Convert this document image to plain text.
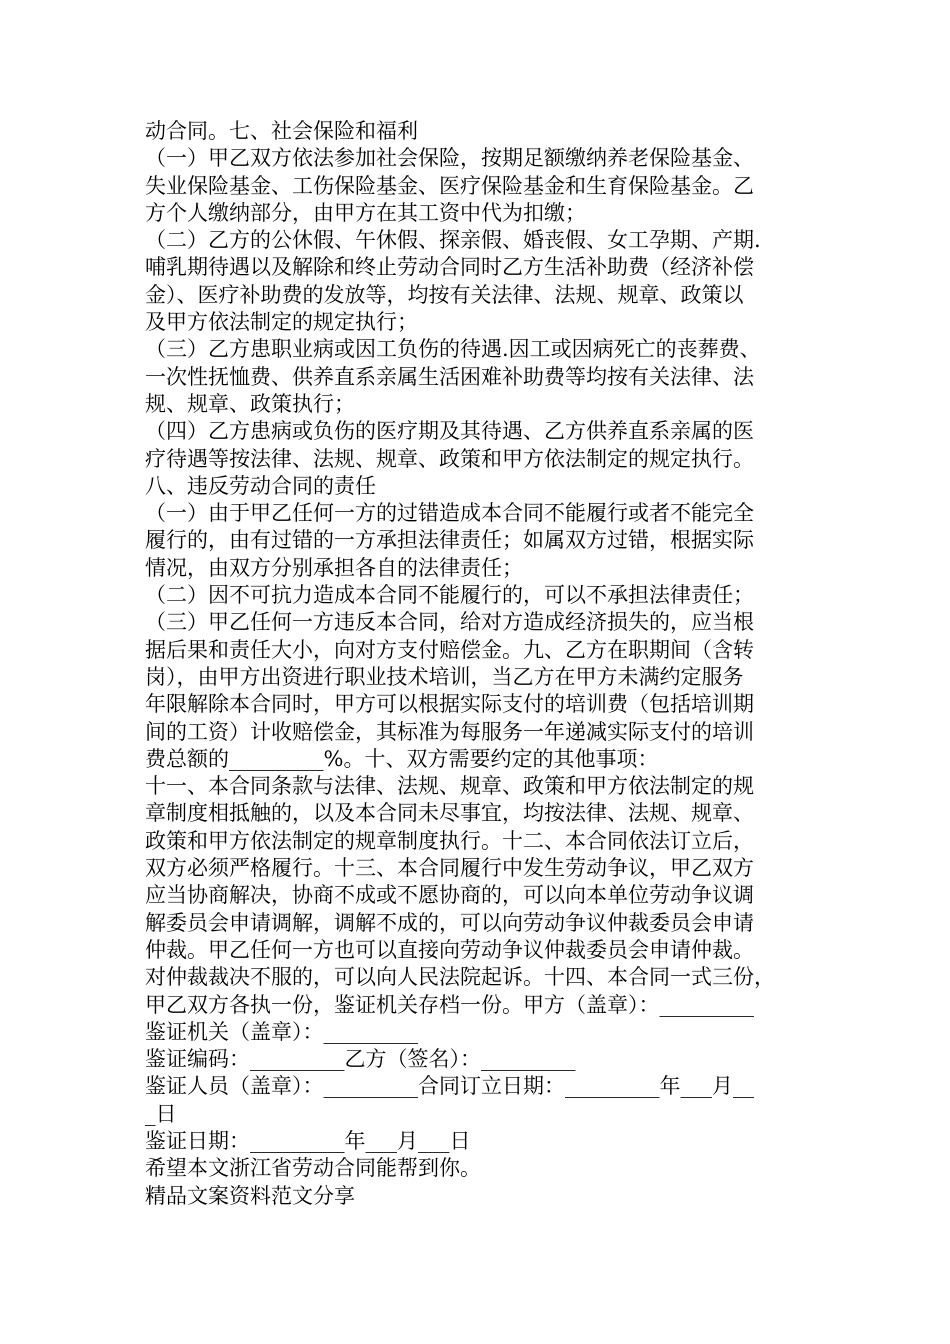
动合同。七、社会保险和福利
（一）甲乙双方依法参加社会保险，按期足额缴纳养老保险基金、
失业保险基金、工伤保险基金、医疗保险基金和生育保险基金。乙
方个人缴纳部分，由甲方在其工资中代为扣缴；
（二）乙方的公休假、午休假、探亲假、婚丧假、女工孕期、产期.
哺乳期待遇以及解除和终止劳动合同时乙方生活补助费（经济补偿
金）、医疗补助费的发放等，均按有关法律、法规、规章、政策以
及甲方依法制定的规定执行；
（三）乙方患职业病或因工负伤的待遇.因工或因病死亡的丧葬费、
一次性抚恤费、供养直系亲属生活困难补助费等均按有关法律、法
规、规章、政策执行；
（四）乙方患病或负伤的医疗期及其待遇、乙方供养直系亲属的医
疗待遇等按法律、法规、规章、政策和甲方依法制定的规定执行。
八、违反劳动合同的责任
（一）由于甲乙任何一方的过错造成本合同不能履行或者不能完全
履行的，由有过错的一方承担法律责任；如属双方过错，根据实际
情况，由双方分别承担各自的法律责任；
（二）因不可抗力造成本合同不能履行的，可以不承担法律责任；
（三）甲乙任何一方违反本合同，给对方造成经济损失的，应当根
据后果和责任大小，向对方支付赔偿金。九、乙方在职期间（含转
岗），由甲方出资进行职业技术培训，当乙方在甲方未满约定服务
年限解除本合同时，甲方可以根据实际支付的培训费（包括培训期
间的工资）计收赔偿金，其标准为每服务一年递减实际支付的培训
费总额的_________%。十、双方需要约定的其他事项：
十一、本合同条款与法律、法规、规章、政策和甲方依法制定的规
章制度相抵触的，以及本合同未尽事宜，均按法律、法规、规章、
政策和甲方依法制定的规章制度执行。十二、本合同依法订立后，
双方必须严格履行。十三、本合同履行中发生劳动争议，甲乙双方
应当协商解决，协商不成或不愿协商的，可以向本单位劳动争议调
解委员会申请调解，调解不成的，可以向劳动争议仲裁委员会申请
仲裁。甲乙任何一方也可以直接向劳动争议仲裁委员会申请仲裁。
对仲裁裁决不服的，可以向人民法院起诉。十四、本合同一式三份，
甲乙双方各执一份，鉴证机关存档一份。甲方（盖章）：_________
鉴证机关（盖章）：_________
鉴证编码：_________乙方（签名）：_________
鉴证人员（盖章）：_________合同订立日期：_________年___月__
_日
鉴证日期：_________年___月___日
希望本文浙江省劳动合同能帮到你。
精品文案资料范文分享
